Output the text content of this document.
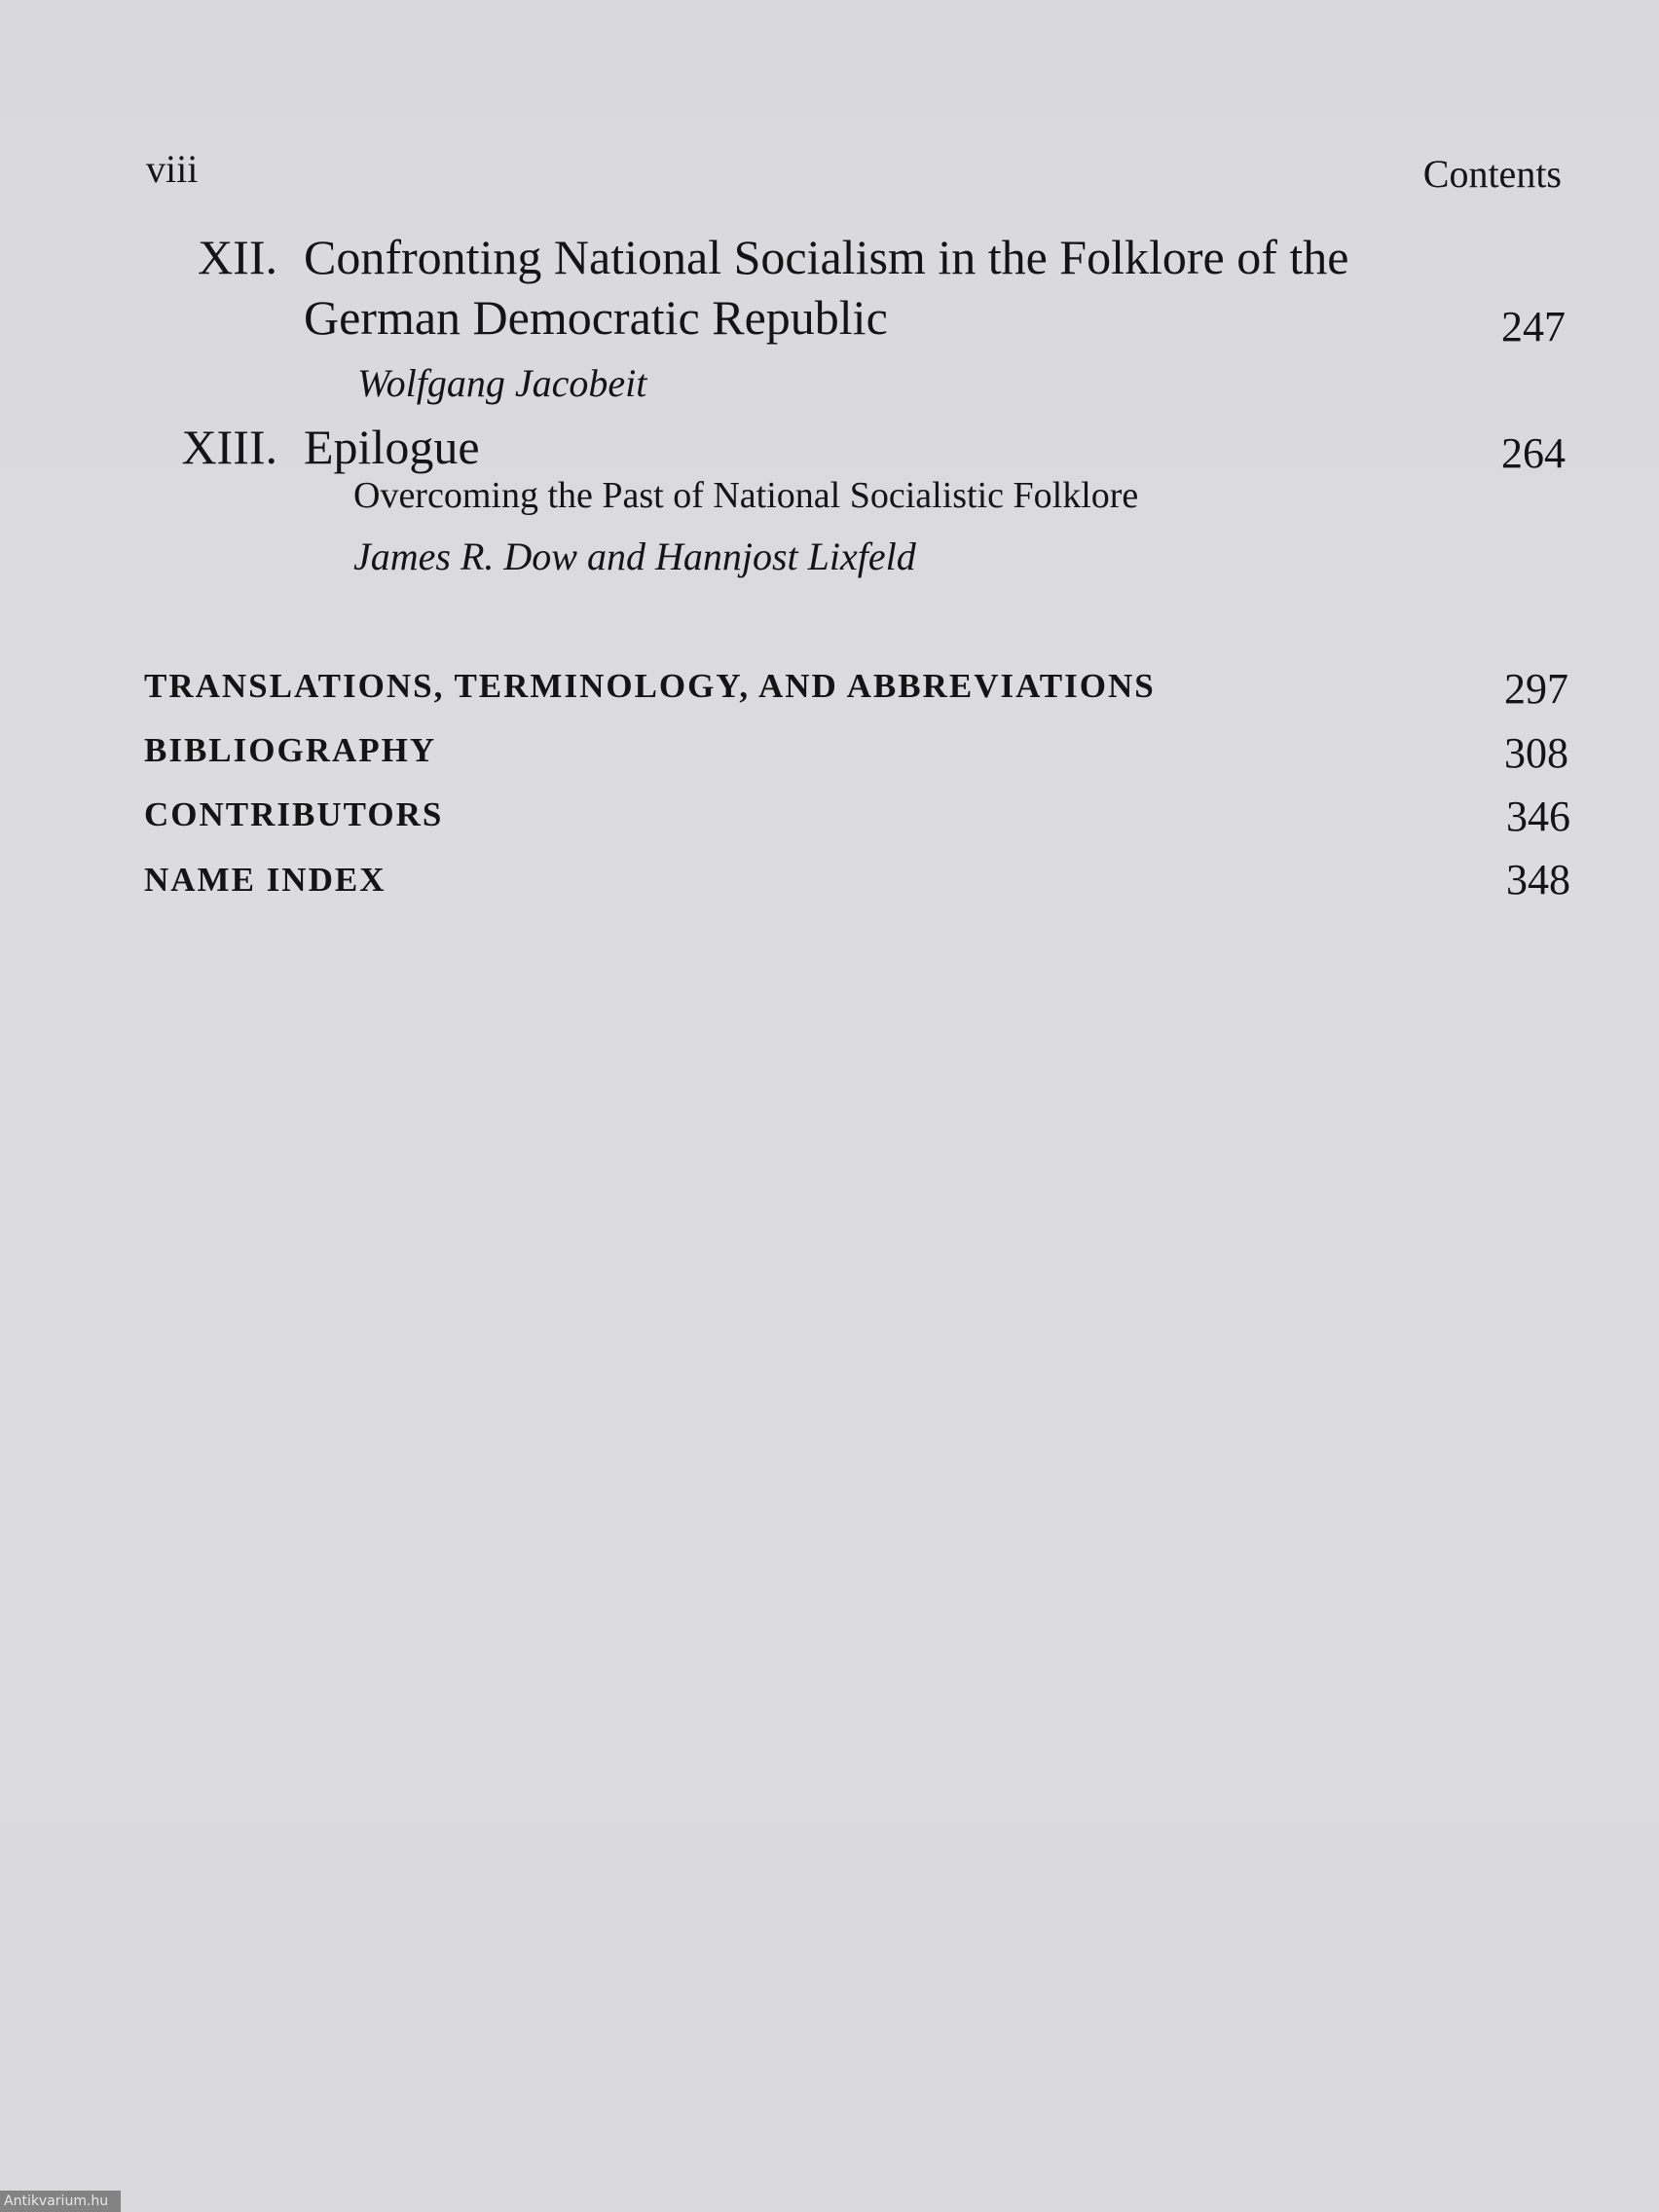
viii	Contents
XII. Confronting National Socialism in the Folklore of the
German Democratic Republic	247
Wolfgang Jacobeit
XIII. Epilogue	264
Overcoming the Past of National Socialistic Folklore
James R. Dow and Hannjost Lixfeld
TRANSLATIONS, TERMINOLOGY, AND ABBREVIATIONS	297
BIBLIOGRAPHY	308
CONTRIBUTORS	346
NAME INDEX	348
Antikvarium.hu
